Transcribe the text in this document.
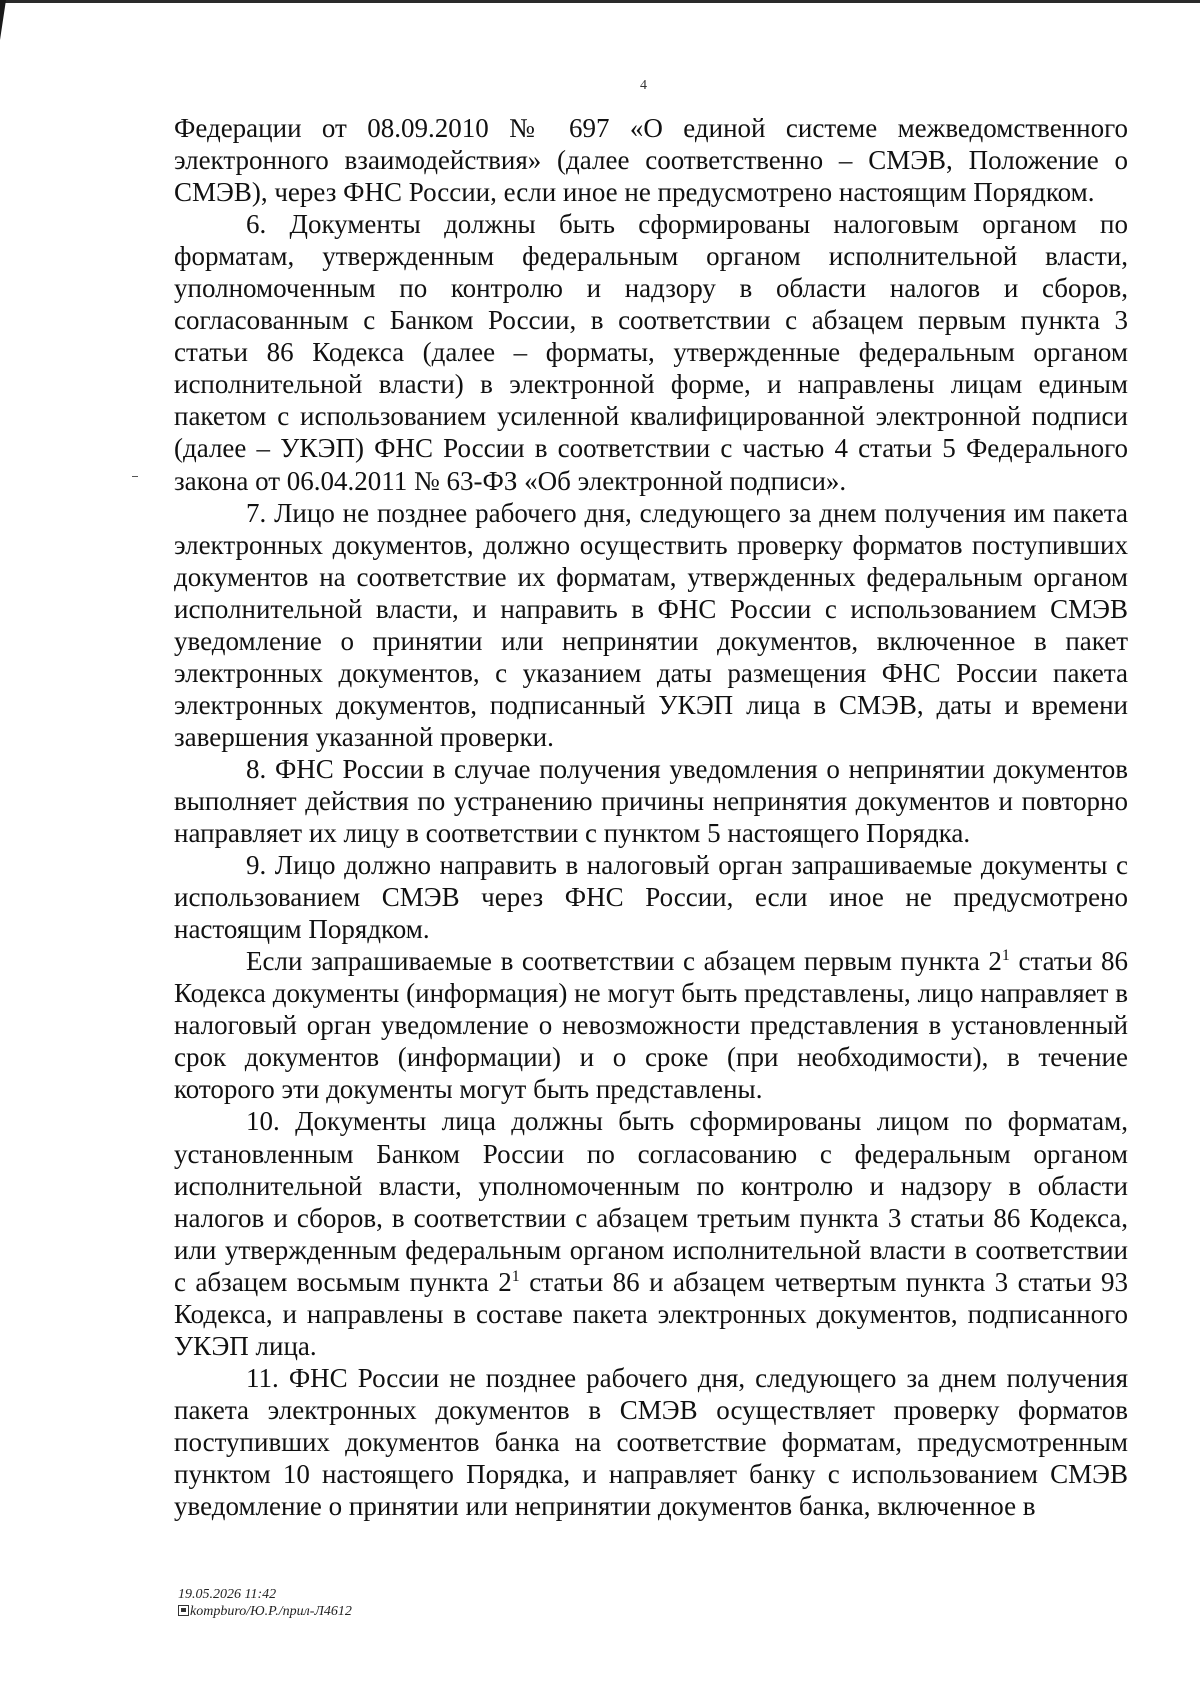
4

Федерации от 08.09.2010 № 697 «О единой системе межведомственного электронного взаимодействия» (далее соответственно – СМЭВ, Положение о СМЭВ), через ФНС России, если иное не предусмотрено настоящим Порядком.

6. Документы должны быть сформированы налоговым органом по форматам, утвержденным федеральным органом исполнительной власти, уполномоченным по контролю и надзору в области налогов и сборов, согласованным с Банком России, в соответствии с абзацем первым пункта 3 статьи 86 Кодекса (далее – форматы, утвержденные федеральным органом исполнительной власти) в электронной форме, и направлены лицам единым пакетом с использованием усиленной квалифицированной электронной подписи (далее – УКЭП) ФНС России в соответствии с частью 4 статьи 5 Федерального закона от 06.04.2011 № 63-ФЗ «Об электронной подписи».

7. Лицо не позднее рабочего дня, следующего за днем получения им пакета электронных документов, должно осуществить проверку форматов поступивших документов на соответствие их форматам, утвержденных федеральным органом исполнительной власти, и направить в ФНС России с использованием СМЭВ уведомление о принятии или непринятии документов, включенное в пакет электронных документов, с указанием даты размещения ФНС России пакета электронных документов, подписанный УКЭП лица в СМЭВ, даты и времени завершения указанной проверки.

8. ФНС России в случае получения уведомления о непринятии документов выполняет действия по устранению причины непринятия документов и повторно направляет их лицу в соответствии с пунктом 5 настоящего Порядка.

9. Лицо должно направить в налоговый орган запрашиваемые документы с использованием СМЭВ через ФНС России, если иное не предусмотрено настоящим Порядком.

Если запрашиваемые в соответствии с абзацем первым пункта $2^1$ статьи 86 Кодекса документы (информация) не могут быть представлены, лицо направляет в налоговый орган уведомление о невозможности представления в установленный срок документов (информации) и о сроке (при необходимости), в течение которого эти документы могут быть представлены.

10. Документы лица должны быть сформированы лицом по форматам, установленным Банком России по согласованию с федеральным органом исполнительной власти, уполномоченным по контролю и надзору в области налогов и сборов, в соответствии с абзацем третьим пункта 3 статьи 86 Кодекса, или утвержденным федеральным органом исполнительной власти в соответствии с абзацем восьмым пункта $2^1$ статьи 86 и абзацем четвертым пункта 3 статьи 93 Кодекса, и направлены в составе пакета электронных документов, подписанного УКЭП лица.

11. ФНС России не позднее рабочего дня, следующего за днем получения пакета электронных документов в СМЭВ осуществляет проверку форматов поступивших документов банка на соответствие форматам, предусмотренным пунктом 10 настоящего Порядка, и направляет банку с использованием СМЭВ уведомление о принятии или непринятии документов банка, включенное в

19.05.2026 11:42
kompburo/Ю.Р./прил-Л4612
